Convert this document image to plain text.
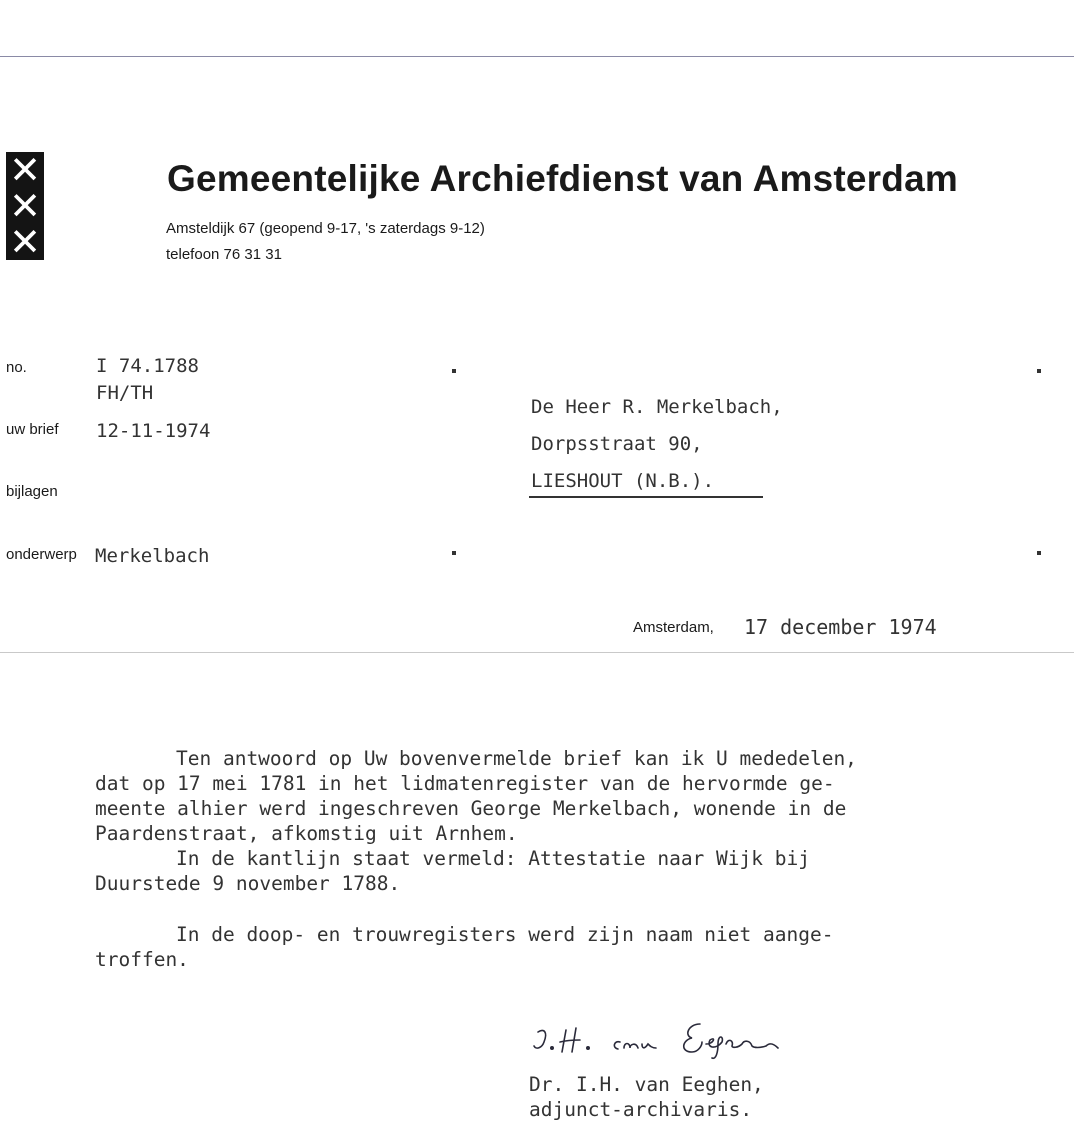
✕
✕
✕
Gemeentelijke Archiefdienst van Amsterdam
Amsteldijk 67 (geopend 9-17, 's zaterdags 9-12)
telefoon 76 31 31
no.	I 74.1788
FH/TH
uw brief 12-11-1974
bijlagen
onderwerp Merkelbach
De Heer R. Merkelbach,
Dorpsstraat 90,
LIESHOUT (N.B.).
Amsterdam, 17 december 1974
Ten antwoord op Uw bovenvermelde brief kan ik U mededelen,
dat op 17 mei 1781 in het lidmatenregister van de hervormde ge-
meente alhier werd ingeschreven George Merkelbach, wonende in de
Paardenstraat, afkomstig uit Arnhem.
In de kantlijn staat vermeld: Attestatie naar Wijk bij
Duurstede 9 november 1788.
In de doop- en trouwregisters werd zijn naam niet aange-
troffen.
Dr. I.H. van Eeghen,
adjunct-archivaris.
